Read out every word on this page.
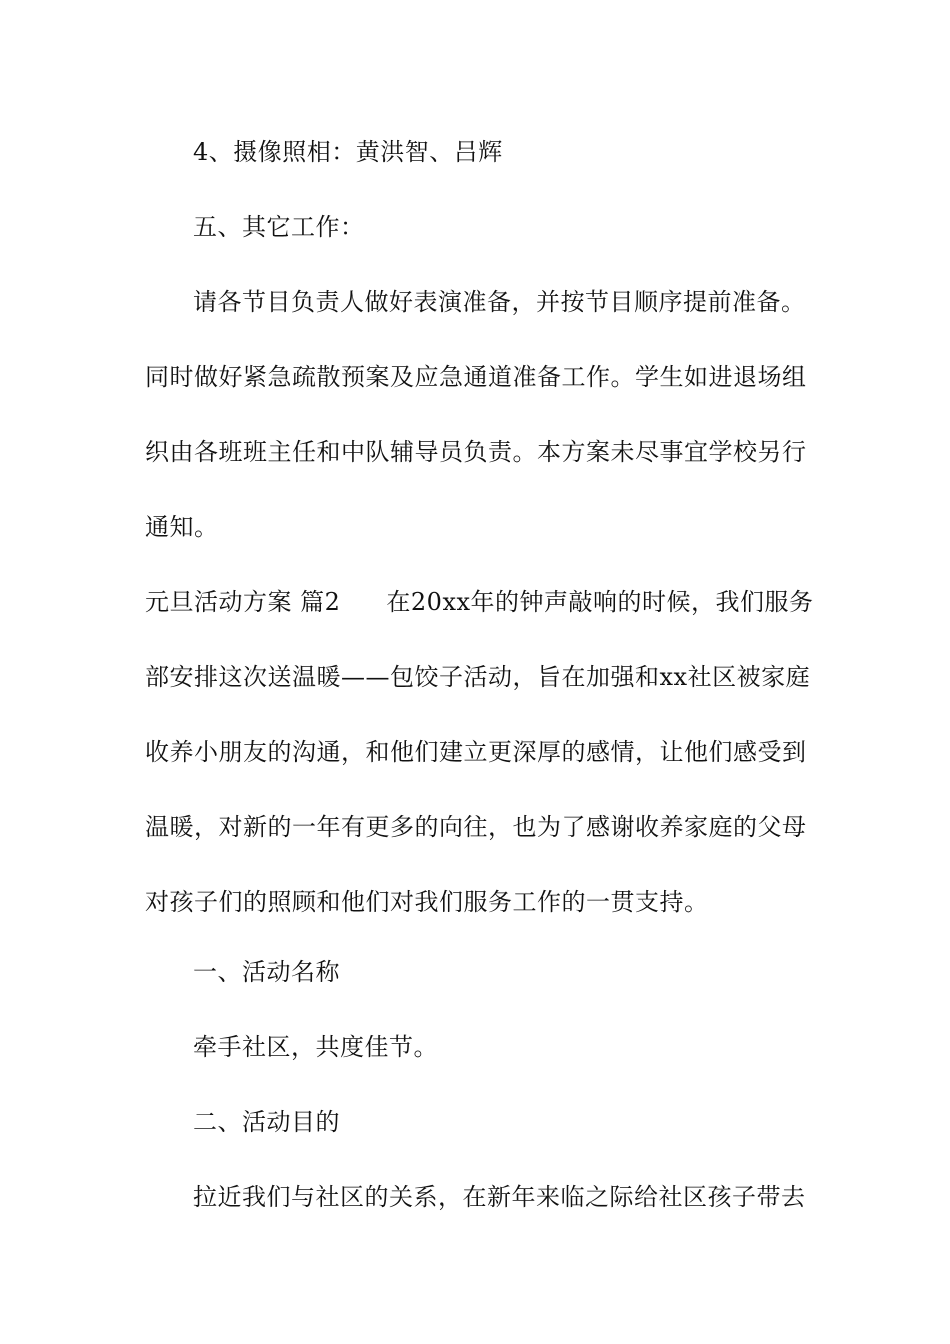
4、摄像照相：黄洪智、吕辉
五、其它工作：
请各节目负责人做好表演准备，并按节目顺序提前准备。
同时做好紧急疏散预案及应急通道准备工作。学生如进退场组
织由各班班主任和中队辅导员负责。本方案未尽事宜学校另行
通知。
元旦活动方案 篇2 在20xx年的钟声敲响的时候，我们服务
部安排这次送温暖——包饺子活动，旨在加强和xx社区被家庭
收养小朋友的沟通，和他们建立更深厚的感情，让他们感受到
温暖，对新的一年有更多的向往，也为了感谢收养家庭的父母
对孩子们的照顾和他们对我们服务工作的一贯支持。
一、活动名称
牵手社区，共度佳节。
二、活动目的
拉近我们与社区的关系，在新年来临之际给社区孩子带去
